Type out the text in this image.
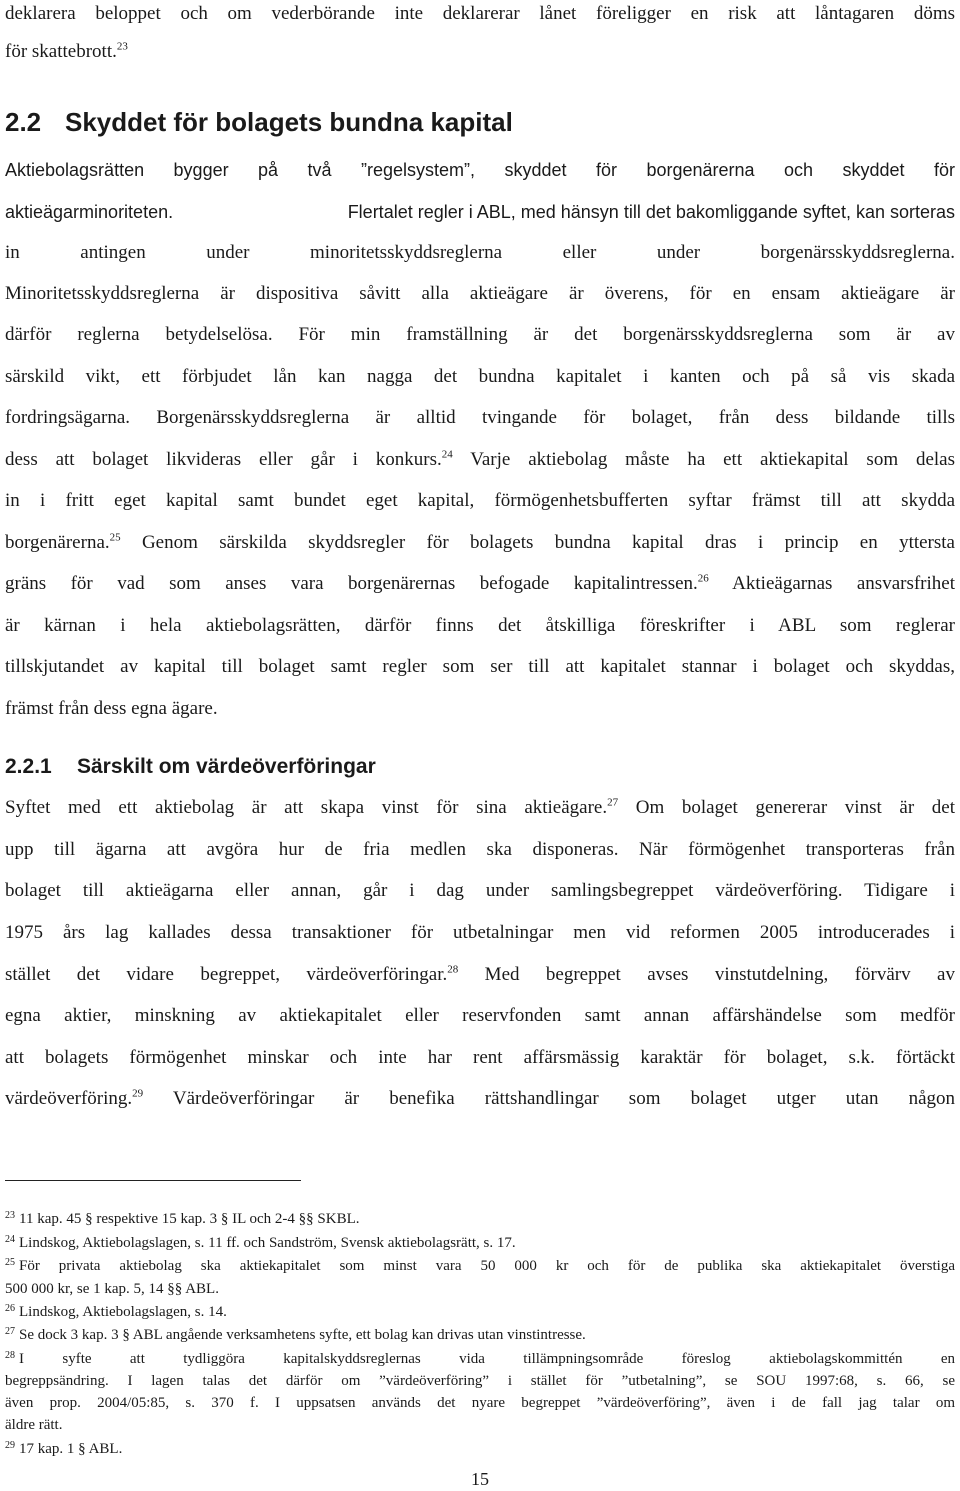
deklarera beloppet och om vederbörande inte deklarerar lånet föreligger en risk att låntagaren döms
för skattebrott.$^{23}$
2.2 Skyddet för bolagets bundna kapital
Aktiebolagsrätten bygger på två ”regelsystem”, skyddet för borgenärerna och skyddet för
aktieägarminoriteten.	Flertalet regler i ABL, med hänsyn till det bakomliggande syftet, kan sorteras
in antingen under minoritetsskyddsreglerna eller under borgenärsskyddsreglerna.
Minoritetsskyddsreglerna är dispositiva såvitt alla aktieägare är överens, för en ensam aktieägare är
därför reglerna betydelselösa. För min framställning är det borgenärsskyddsreglerna som är av
särskild vikt, ett förbjudet lån kan nagga det bundna kapitalet i kanten och på så vis skada
fordringsägarna. Borgenärsskyddsreglerna är alltid tvingande för bolaget, från dess bildande tills
dess att bolaget likvideras eller går i konkurs.$^{24}$ Varje aktiebolag måste ha ett aktiekapital som delas
in i fritt eget kapital samt bundet eget kapital, förmögenhetsbufferten syftar främst till att skydda
borgenärerna.$^{25}$ Genom särskilda skyddsregler för bolagets bundna kapital dras i princip en yttersta
gräns för vad som anses vara borgenärernas befogade kapitalintressen.$^{26}$ Aktieägarnas ansvarsfrihet
är kärnan i hela aktiebolagsrätten, därför finns det åtskilliga föreskrifter i ABL som reglerar
tillskjutandet av kapital till bolaget samt regler som ser till att kapitalet stannar i bolaget och skyddas,
främst från dess egna ägare.
2.2.1 Särskilt om värdeöverföringar
Syftet med ett aktiebolag är att skapa vinst för sina aktieägare.$^{27}$ Om bolaget genererar vinst är det
upp till ägarna att avgöra hur de fria medlen ska disponeras. När förmögenhet transporteras från
bolaget till aktieägarna eller annan, går i dag under samlingsbegreppet värdeöverföring. Tidigare i
1975 års lag kallades dessa transaktioner för utbetalningar men vid reformen 2005 introducerades i
stället det vidare begreppet, värdeöverföringar.$^{28}$ Med begreppet avses vinstutdelning, förvärv av
egna aktier, minskning av aktiekapitalet eller reservfonden samt annan affärshändelse som medför
att bolagets förmögenhet minskar och inte har rent affärsmässig karaktär för bolaget, s.k. förtäckt
värdeöverföring.$^{29}$ Värdeöverföringar är benefika rättshandlingar som bolaget utger utan någon
$^{23}$ 11 kap. 45 § respektive 15 kap. 3 § IL och 2-4 §§ SKBL.
$^{24}$ Lindskog, Aktiebolagslagen, s. 11 ff. och Sandström, Svensk aktiebolagsrätt, s. 17.
$^{25}$ För privata aktiebolag ska aktiekapitalet som minst vara 50 000 kr och för de publika ska aktiekapitalet överstiga
500 000 kr, se 1 kap. 5, 14 §§ ABL.
$^{26}$ Lindskog, Aktiebolagslagen, s. 14.
$^{27}$ Se dock 3 kap. 3 § ABL angående verksamhetens syfte, ett bolag kan drivas utan vinstintresse.
$^{28}$ I syfte att tydliggöra kapitalskyddsreglernas vida tillämpningsområde föreslog aktiebolagskommittén en
begreppsändring. I lagen talas det därför om ”värdeöverföring” i stället för ”utbetalning”, se SOU 1997:68, s. 66, se
även prop. 2004/05:85, s. 370 f. I uppsatsen används det nyare begreppet ”värdeöverföring”, även i de fall jag talar om
äldre rätt.
$^{29}$ 17 kap. 1 § ABL.
15
